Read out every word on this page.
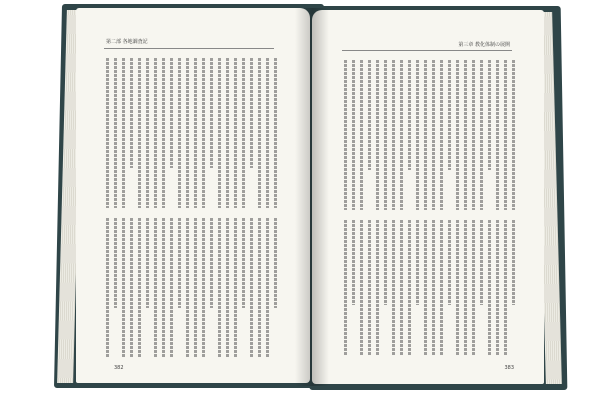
第二部 各地調査記
382
第三章 教化体制の展開
383
